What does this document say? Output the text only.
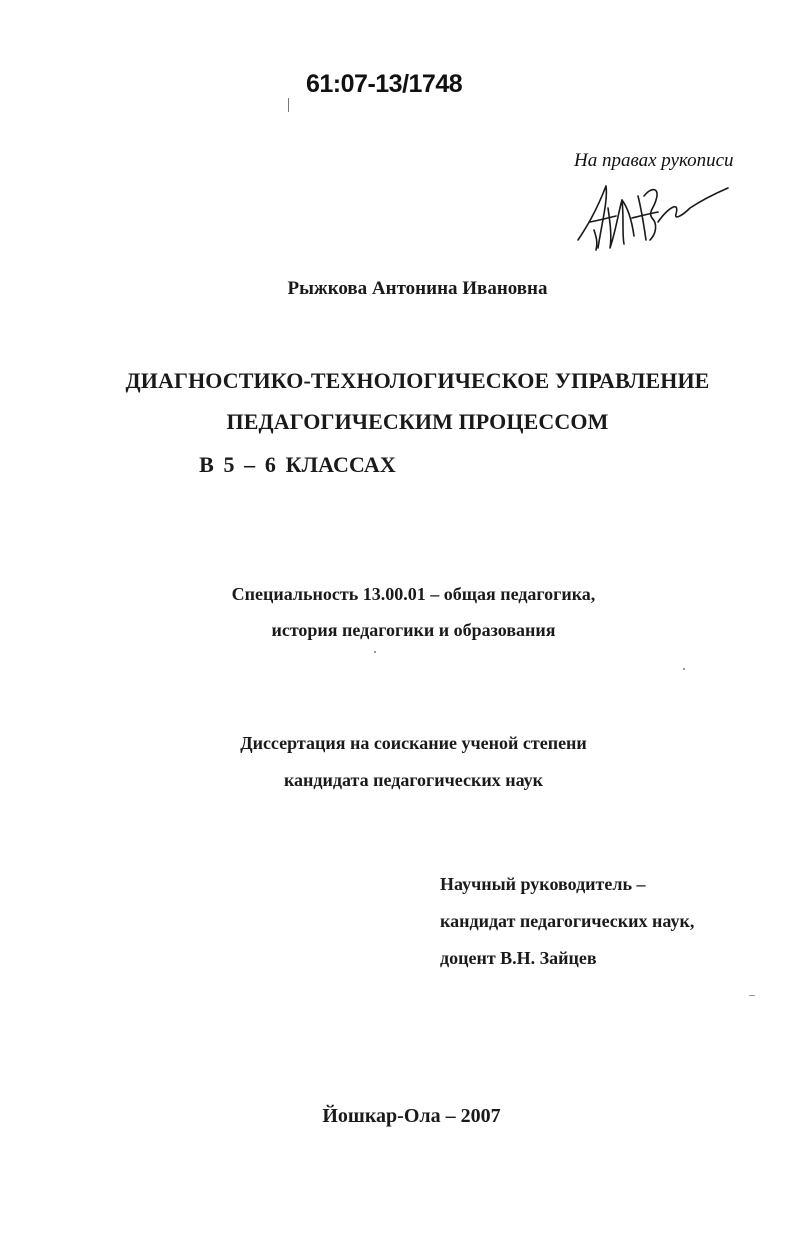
61:07-13/1748
На правах рукописи
Рыжкова Антонина Ивановна
ДИАГНОСТИКО-ТЕХНОЛОГИЧЕСКОЕ УПРАВЛЕНИЕ
ПЕДАГОГИЧЕСКИМ ПРОЦЕССОМ
В 5 – 6 КЛАССАХ
Специальность 13.00.01 – общая педагогика,
история педагогики и образования
Диссертация на соискание ученой степени
кандидата педагогических наук
Научный руководитель –
кандидат педагогических наук,
доцент В.Н. Зайцев
Йошкар-Ола – 2007
